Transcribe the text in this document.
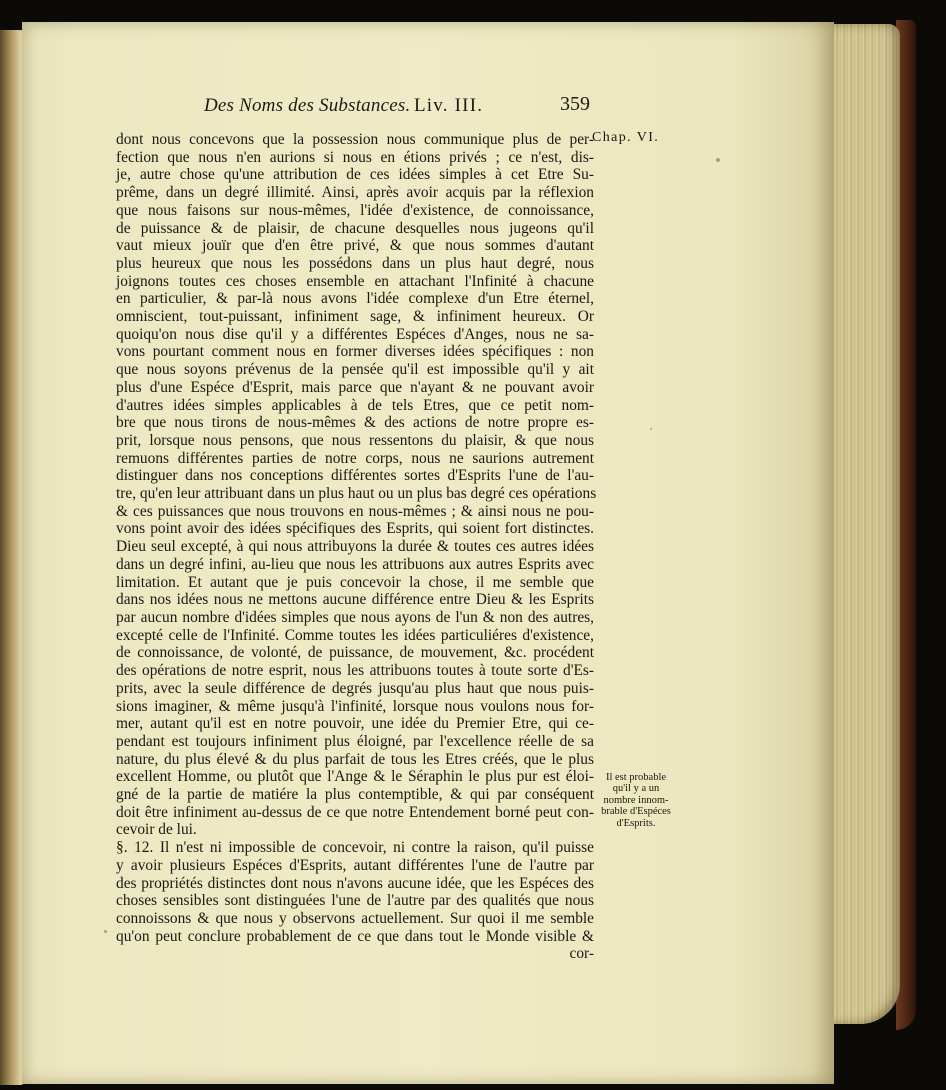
Des Noms des Substances. Liv. III.	359
Chap. VI.
dont nous concevons que la possession nous communique plus de per-
fection que nous n'en aurions si nous en étions privés ; ce n'est, dis-
je, autre chose qu'une attribution de ces idées simples à cet Etre Su-
prême, dans un degré illimité. Ainsi, après avoir acquis par la réflexion
que nous faisons sur nous-mêmes, l'idée d'existence, de connoissance,
de puissance & de plaisir, de chacune desquelles nous jugeons qu'il
vaut mieux jouïr que d'en être privé, & que nous sommes d'autant
plus heureux que nous les possédons dans un plus haut degré, nous
joignons toutes ces choses ensemble en attachant l'Infinité à chacune
en particulier, & par-là nous avons l'idée complexe d'un Etre éternel,
omniscient, tout-puissant, infiniment sage, & infiniment heureux. Or
quoiqu'on nous dise qu'il y a différentes Espéces d'Anges, nous ne sa-
vons pourtant comment nous en former diverses idées spécifiques : non
que nous soyons prévenus de la pensée qu'il est impossible qu'il y ait
plus d'une Espéce d'Esprit, mais parce que n'ayant & ne pouvant avoir
d'autres idées simples applicables à de tels Etres, que ce petit nom-
bre que nous tirons de nous-mêmes & des actions de notre propre es-
prit, lorsque nous pensons, que nous ressentons du plaisir, & que nous
remuons différentes parties de notre corps, nous ne saurions autrement
distinguer dans nos conceptions différentes sortes d'Esprits l'une de l'au-
tre, qu'en leur attribuant dans un plus haut ou un plus bas degré ces opérations
& ces puissances que nous trouvons en nous-mêmes ; & ainsi nous ne pou-
vons point avoir des idées spécifiques des Esprits, qui soient fort distinctes.
Dieu seul excepté, à qui nous attribuyons la durée & toutes ces autres idées
dans un degré infini, au-lieu que nous les attribuons aux autres Esprits avec
limitation. Et autant que je puis concevoir la chose, il me semble que
dans nos idées nous ne mettons aucune différence entre Dieu & les Esprits
par aucun nombre d'idées simples que nous ayons de l'un & non des autres,
excepté celle de l'Infinité. Comme toutes les idées particuliéres d'existence,
de connoissance, de volonté, de puissance, de mouvement, &c. procédent
des opérations de notre esprit, nous les attribuons toutes à toute sorte d'Es-
prits, avec la seule différence de degrés jusqu'au plus haut que nous puis-
sions imaginer, & même jusqu'à l'infinité, lorsque nous voulons nous for-
mer, autant qu'il est en notre pouvoir, une idée du Premier Etre, qui ce-
pendant est toujours infiniment plus éloigné, par l'excellence réelle de sa
nature, du plus élevé & du plus parfait de tous les Etres créés, que le plus
excellent Homme, ou plutôt que l'Ange & le Séraphin le plus pur est éloi-
gné de la partie de matiére la plus contemptible, & qui par conséquent
doit être infiniment au-dessus de ce que notre Entendement borné peut con-
cevoir de lui.
§. 12. Il n'est ni impossible de concevoir, ni contre la raison, qu'il puisse
y avoir plusieurs Espéces d'Esprits, autant différentes l'une de l'autre par
des propriétés distinctes dont nous n'avons aucune idée, que les Espéces des
choses sensibles sont distinguées l'une de l'autre par des qualités que nous
connoissons & que nous y observons actuellement. Sur quoi il me semble
qu'on peut conclure probablement de ce que dans tout le Monde visible &
cor-
Il est probable
qu'il y a un
nombre innom-
brable d'Espéces
d'Esprits.
